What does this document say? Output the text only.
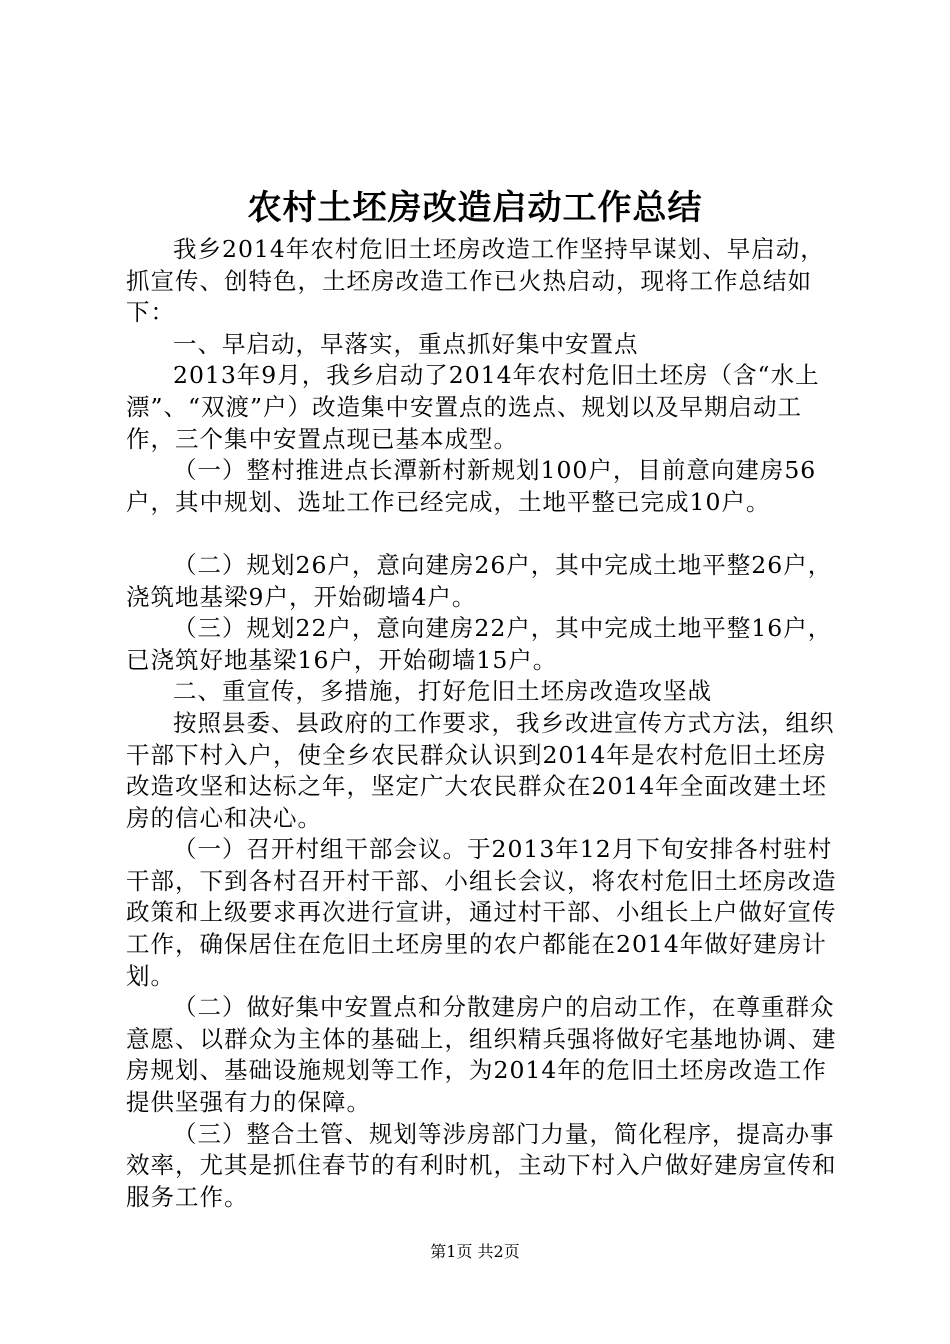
农村土坯房改造启动工作总结

我乡2014年农村危旧土坯房改造工作坚持早谋划、早启动，抓宣传、创特色，土坯房改造工作已火热启动，现将工作总结如下：

一、早启动，早落实，重点抓好集中安置点

2013年9月，我乡启动了2014年农村危旧土坯房（含“水上漂”、“双渡”户）改造集中安置点的选点、规划以及早期启动工作，三个集中安置点现已基本成型。

（一）整村推进点长潭新村新规划100户，目前意向建房56户，其中规划、选址工作已经完成，土地平整已完成10户。

（二）规划26户，意向建房26户，其中完成土地平整26户，浇筑地基梁9户，开始砌墙4户。

（三）规划22户，意向建房22户，其中完成土地平整16户，已浇筑好地基梁16户，开始砌墙15户。

二、重宣传，多措施，打好危旧土坯房改造攻坚战

按照县委、县政府的工作要求，我乡改进宣传方式方法，组织干部下村入户，使全乡农民群众认识到2014年是农村危旧土坯房改造攻坚和达标之年，坚定广大农民群众在2014年全面改建土坯房的信心和决心。

（一）召开村组干部会议。于2013年12月下旬安排各村驻村干部，下到各村召开村干部、小组长会议，将农村危旧土坯房改造政策和上级要求再次进行宣讲，通过村干部、小组长上户做好宣传工作，确保居住在危旧土坯房里的农户都能在2014年做好建房计划。

（二）做好集中安置点和分散建房户的启动工作，在尊重群众意愿、以群众为主体的基础上，组织精兵强将做好宅基地协调、建房规划、基础设施规划等工作，为2014年的危旧土坯房改造工作提供坚强有力的保障。

（三）整合土管、规划等涉房部门力量，简化程序，提高办事效率，尤其是抓住春节的有利时机，主动下村入户做好建房宣传和服务工作。

第1页 共2页
